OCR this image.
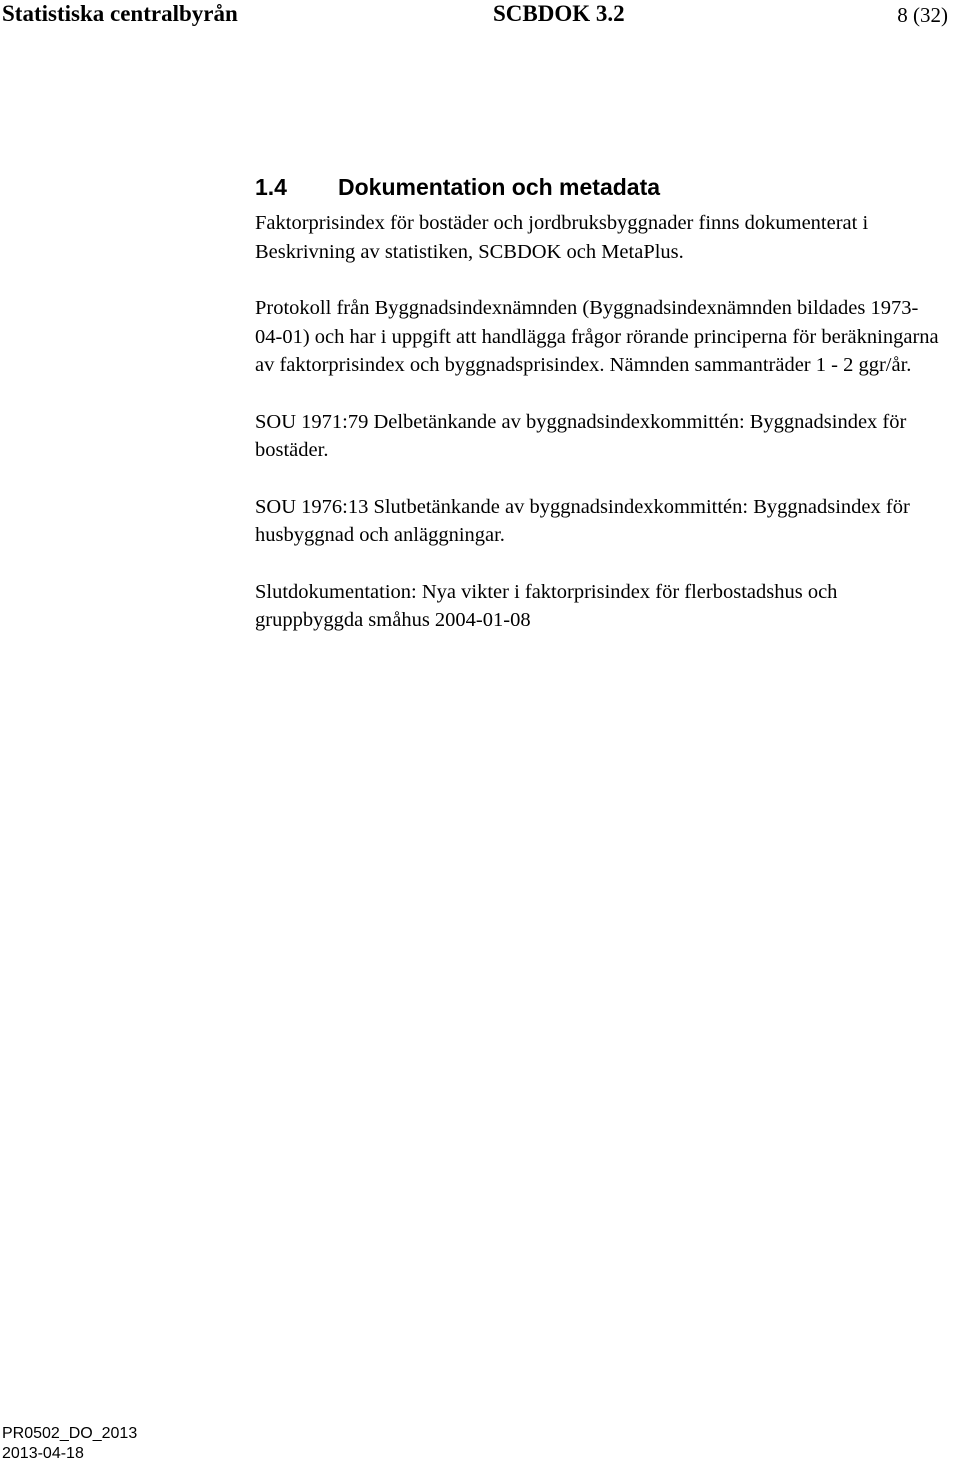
Statistiska centralbyrån	SCBDOK 3.2	8 (32)
1.4 Dokumentation och metadata

Faktorprisindex för bostäder och jordbruksbyggnader finns dokumenterat i Beskrivning av statistiken, SCBDOK och MetaPlus.

Protokoll från Byggnadsindexnämnden (Byggnadsindexnämnden bildades 1973-04-01) och har i uppgift att handlägga frågor rörande principerna för beräkningarna av faktorprisindex och byggnadsprisindex. Nämnden sammanträder 1 - 2 ggr/år.

SOU 1971:79 Delbetänkande av byggnadsindexkommittén: Byggnadsindex för bostäder.

SOU 1976:13 Slutbetänkande av byggnadsindexkommittén: Byggnadsindex för husbyggnad och anläggningar.

Slutdokumentation: Nya vikter i faktorprisindex för flerbostadshus och gruppbyggda småhus 2004-01-08

PR0502_DO_2013
2013-04-18
